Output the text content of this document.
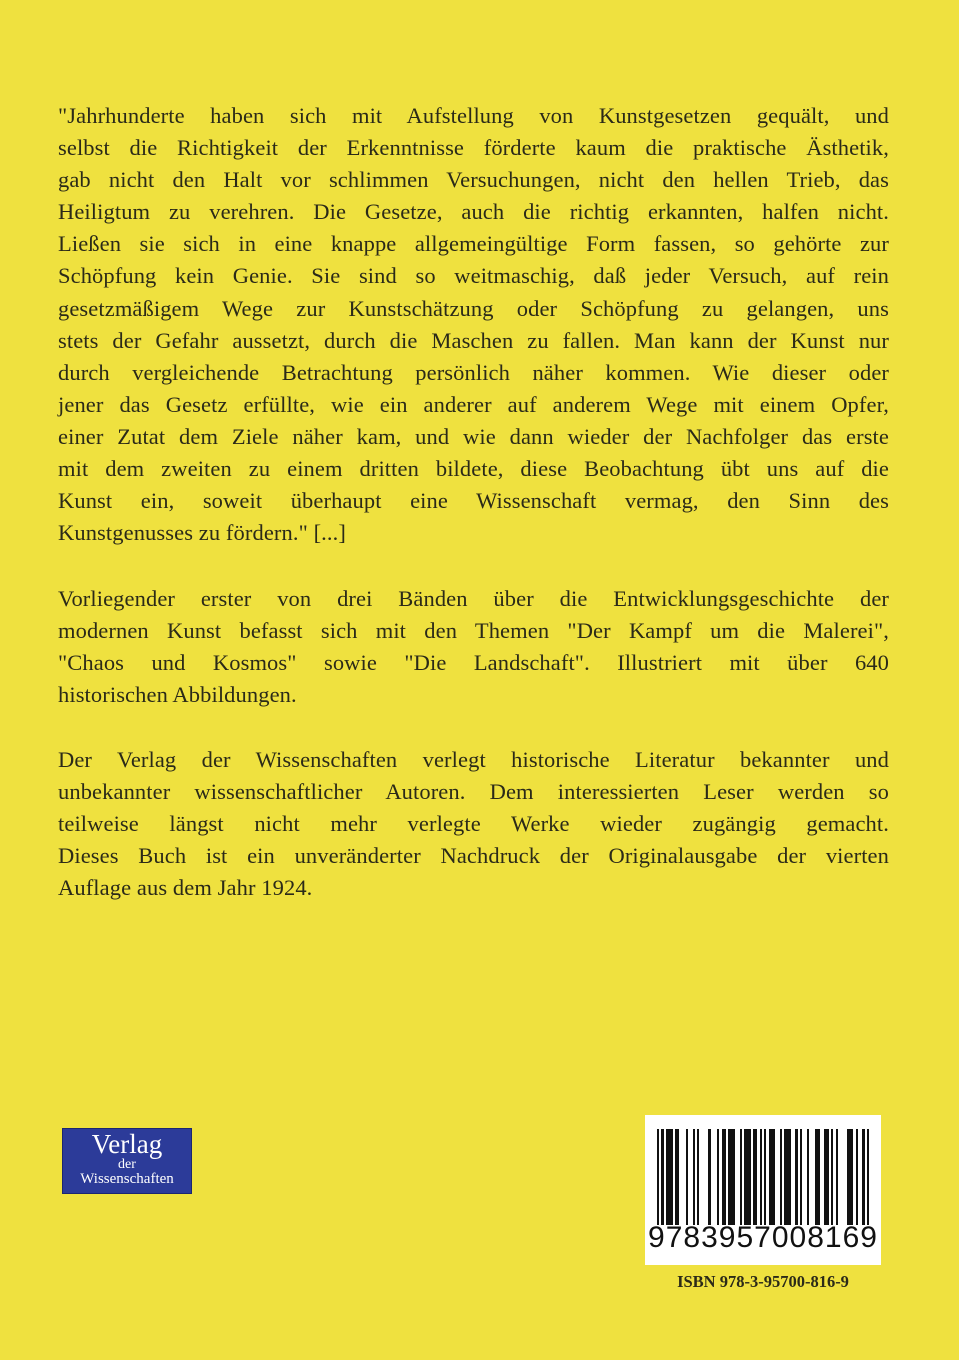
"Jahrhunderte haben sich mit Aufstellung von Kunstgesetzen gequält, und
selbst die Richtigkeit der Erkenntnisse förderte kaum die praktische Ästhetik,
gab nicht den Halt vor schlimmen Versuchungen, nicht den hellen Trieb, das
Heiligtum zu verehren. Die Gesetze, auch die richtig erkannten, halfen nicht.
Ließen sie sich in eine knappe allgemeingültige Form fassen, so gehörte zur
Schöpfung kein Genie. Sie sind so weitmaschig, daß jeder Versuch, auf rein
gesetzmäßigem Wege zur Kunstschätzung oder Schöpfung zu gelangen, uns
stets der Gefahr aussetzt, durch die Maschen zu fallen. Man kann der Kunst nur
durch vergleichende Betrachtung persönlich näher kommen. Wie dieser oder
jener das Gesetz erfüllte, wie ein anderer auf anderem Wege mit einem Opfer,
einer Zutat dem Ziele näher kam, und wie dann wieder der Nachfolger das erste
mit dem zweiten zu einem dritten bildete, diese Beobachtung übt uns auf die
Kunst ein, soweit überhaupt eine Wissenschaft vermag, den Sinn des
Kunstgenusses zu fördern." [...]
Vorliegender erster von drei Bänden über die Entwicklungsgeschichte der
modernen Kunst befasst sich mit den Themen "Der Kampf um die Malerei",
"Chaos und Kosmos" sowie "Die Landschaft". Illustriert mit über 640
historischen Abbildungen.
Der Verlag der Wissenschaften verlegt historische Literatur bekannter und
unbekannter wissenschaftlicher Autoren. Dem interessierten Leser werden so
teilweise längst nicht mehr verlegte Werke wieder zugängig gemacht.
Dieses Buch ist ein unveränderter Nachdruck der Originalausgabe der vierten
Auflage aus dem Jahr 1924.
Verlag
der
Wissenschaften
9783957008169
ISBN 978-3-95700-816-9
